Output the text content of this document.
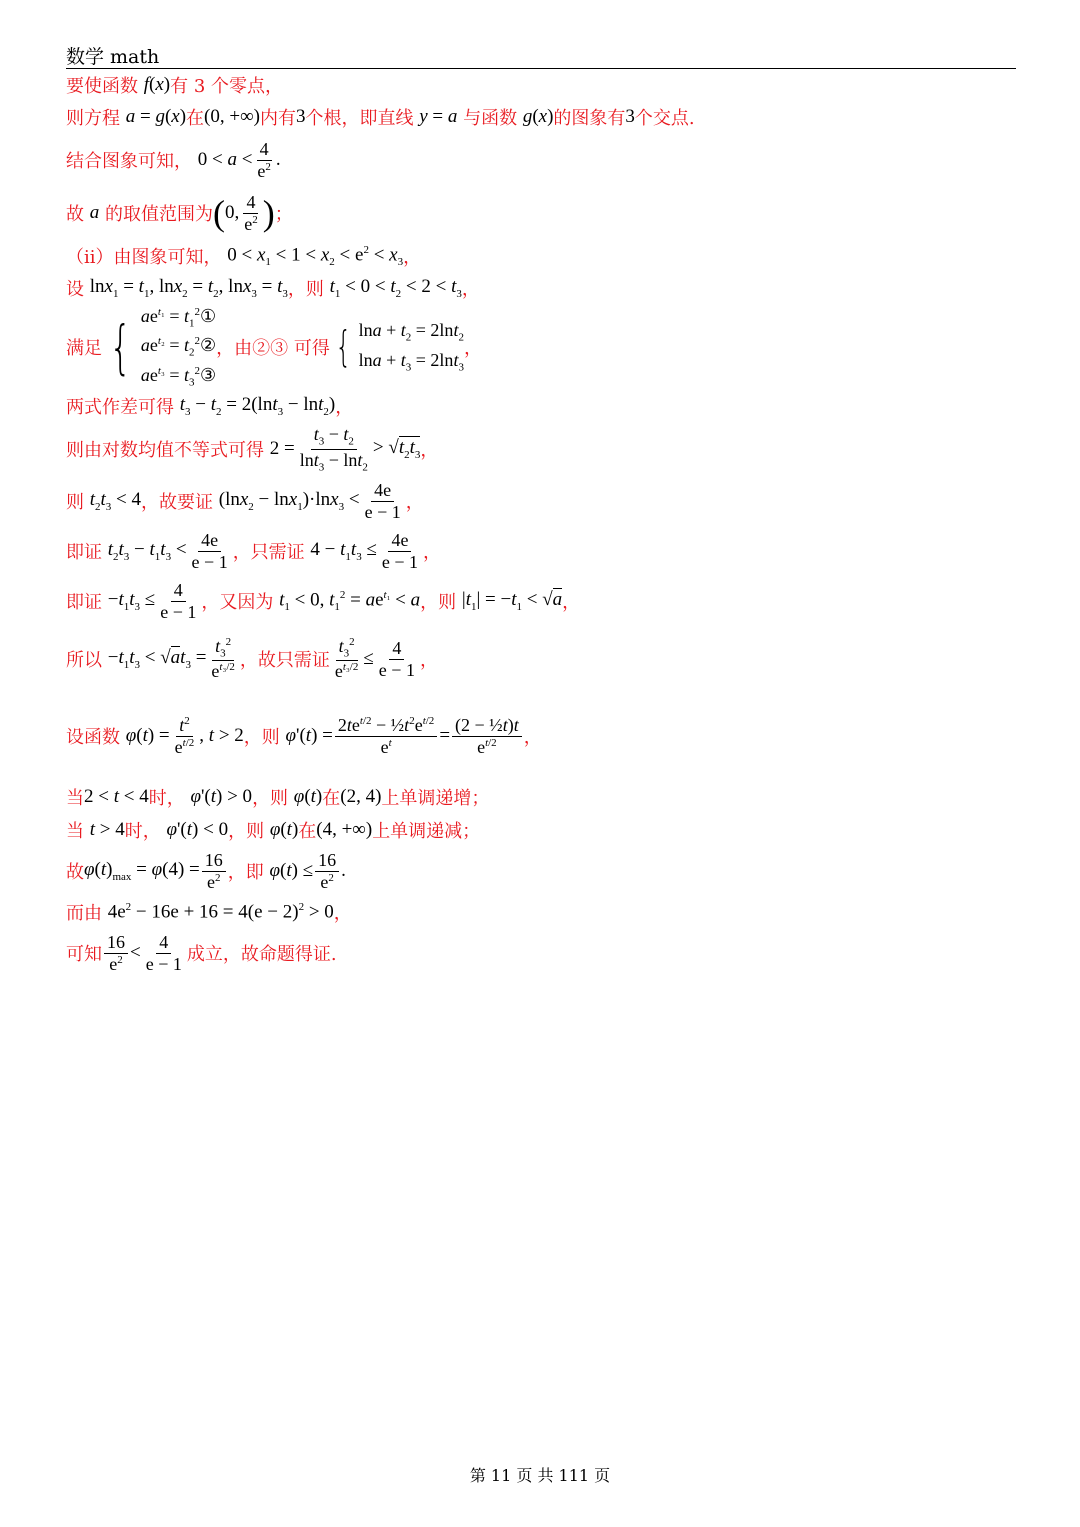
数学 math
要使函数
f(x) 有 3 个零点，
则方程
a = g(x) 在 (0, +∞) 内有 3 个根，即直线
y = a
与函数
g(x) 的图象有 3 个交点.
结合图象可知，
$0 < a < \frac{4}{e^2}$ .
故
a
的取值范围为 ( 0, $\frac{4}{e^2}$ ) ；
（ii）由图象可知，
$0 < x_1 < 1 < x_2 < e^2 < x_3$ ，
设
$\ln x_1 = t_1$, $\ln x_2 = t_2$, $\ln x_3 = t_3$ ，则
$t_1 < 0 < t_2 < 2 < t_3$ ，
满足 { $ae^{t_1}$ = $t_1^2①$
$ae^{t_2}$ = $t_2^2②$
$ae^{t_3}$ = $t_3^2③$
，由②③ 可得 { $\ln a + t_2 = 2\ln t_2$
$\ln a + t_3 = 2\ln t_3$
，
两式作差可得
$t_3 - t_2 = 2(\ln t_3 - \ln t_2)$ ，
则由对数均值不等式可得
$2 = \frac{t_3 - t_2}{\ln t_3 - \ln t_2} > √t_2t_3$ ，
则
$t_2t_3 < 4$ ，故要证
$(\ln x_2 - \ln x_1)\cdot\ln x_3 < \frac{4e}{e - 1}$ ，
即证
$t_2t_3 - t_1t_3 < \frac{4e}{e - 1}$ ，只需证
$4 - t_1t_3 \le \frac{4e}{e - 1}$ ，
即证
$-t_1t_3 \le \frac{4}{e - 1}$ ，又因为
$t_1 < 0$, $t_1^2 = ae^{t_1} < a$ ，则
$|t_1| = -t_1 < √a$ ，
所以
$-t_1t_3 < √at_3 = \frac{t_3^2}{e^{t_3/2}}$ ，故只需证 $\frac{t_3^2}{e^{t_3/2}} \le \frac{4}{e - 1}$ ，
设函数
$\varphi(t) = \frac{t^2}{e^{t/2}}$ , t > 2 ，则
$\varphi'(t) = \frac{2te^{t/2} - \frac{1}{2}t^2e^{t/2}}{e^t} = \frac{\text{(2 − ½t)t}}{e^{t/2}}$ ，
当 2 < t < 4 时，
φ'(t) > 0 ，则
φ(t) 在 (2, 4) 上单调递增；
当
t > 4 时，
φ'(t) < 0 ，则
φ(t) 在 (4, +∞) 上单调递减；
故 $\varphi(t)_{max} = \varphi(4) = \frac{16}{e^2}$ ，即
$\varphi(t) \le \frac{16}{e^2}$ .
而由
$4e^2 - 16e + 16 = 4(e - 2)^2 > 0$ ，
可知 $\frac{16}{e^2} < \frac{4}{e - 1}$ 成立，故命题得证.
第 11 页 共 111 页
